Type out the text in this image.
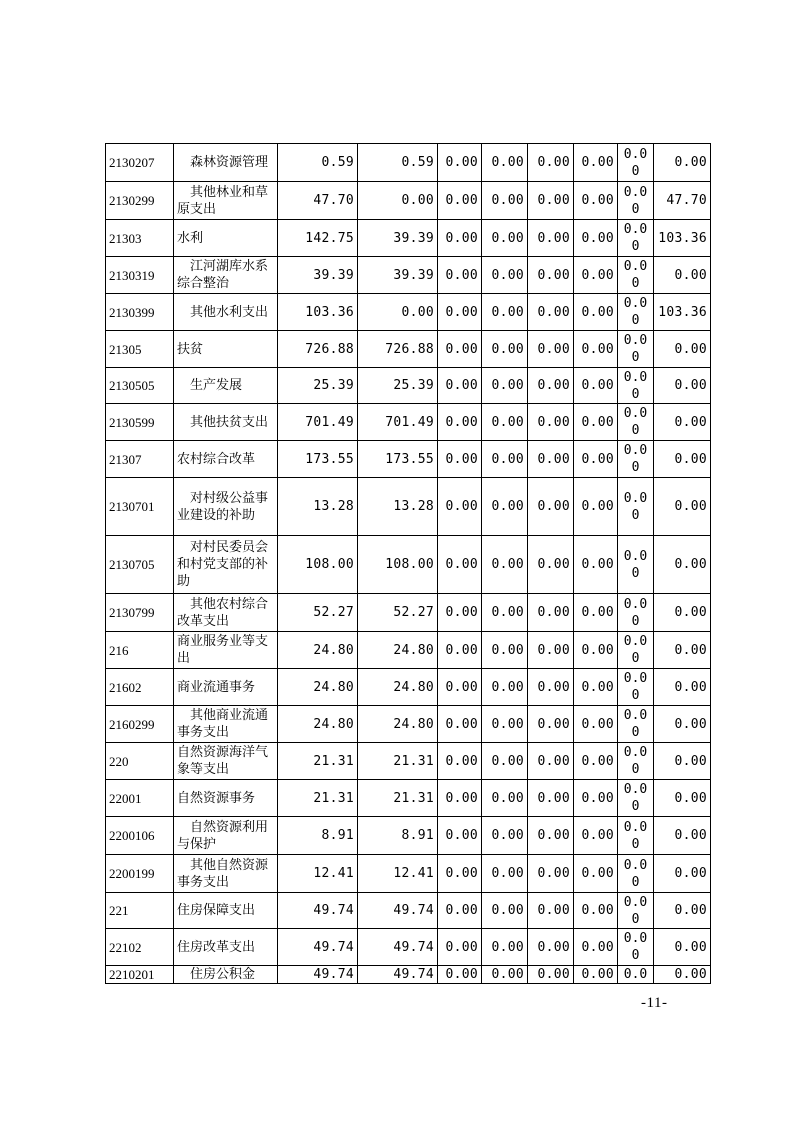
2130207	森林资源管理	0.59	0.59	0.00	0.00	0.00	0.00	0.00	0.00
2130299	其他林业和草原支出	47.70	0.00	0.00	0.00	0.00	0.00	0.00	47.70
21303	水利	142.75	39.39	0.00	0.00	0.00	0.00	0.00	103.36
2130319	江河湖库水系综合整治	39.39	39.39	0.00	0.00	0.00	0.00	0.00	0.00
2130399	其他水利支出	103.36	0.00	0.00	0.00	0.00	0.00	0.00	103.36
21305	扶贫	726.88	726.88	0.00	0.00	0.00	0.00	0.00	0.00
2130505	生产发展	25.39	25.39	0.00	0.00	0.00	0.00	0.00	0.00
2130599	其他扶贫支出	701.49	701.49	0.00	0.00	0.00	0.00	0.00	0.00
21307	农村综合改革	173.55	173.55	0.00	0.00	0.00	0.00	0.00	0.00
2130701	对村级公益事业建设的补助	13.28	13.28	0.00	0.00	0.00	0.00	0.00	0.00
2130705	对村民委员会和村党支部的补助	108.00	108.00	0.00	0.00	0.00	0.00	0.00	0.00
2130799	其他农村综合改革支出	52.27	52.27	0.00	0.00	0.00	0.00	0.00	0.00
216	商业服务业等支出	24.80	24.80	0.00	0.00	0.00	0.00	0.00	0.00
21602	商业流通事务	24.80	24.80	0.00	0.00	0.00	0.00	0.00	0.00
2160299	其他商业流通事务支出	24.80	24.80	0.00	0.00	0.00	0.00	0.00	0.00
220	自然资源海洋气象等支出	21.31	21.31	0.00	0.00	0.00	0.00	0.00	0.00
22001	自然资源事务	21.31	21.31	0.00	0.00	0.00	0.00	0.00	0.00
2200106	自然资源利用与保护	8.91	8.91	0.00	0.00	0.00	0.00	0.00	0.00
2200199	其他自然资源事务支出	12.41	12.41	0.00	0.00	0.00	0.00	0.00	0.00
221	住房保障支出	49.74	49.74	0.00	0.00	0.00	0.00	0.00	0.00
22102	住房改革支出	49.74	49.74	0.00	0.00	0.00	0.00	0.00	0.00
2210201	住房公积金	49.74	49.74	0.00	0.00	0.00	0.00	0.0	0.00
-11-
